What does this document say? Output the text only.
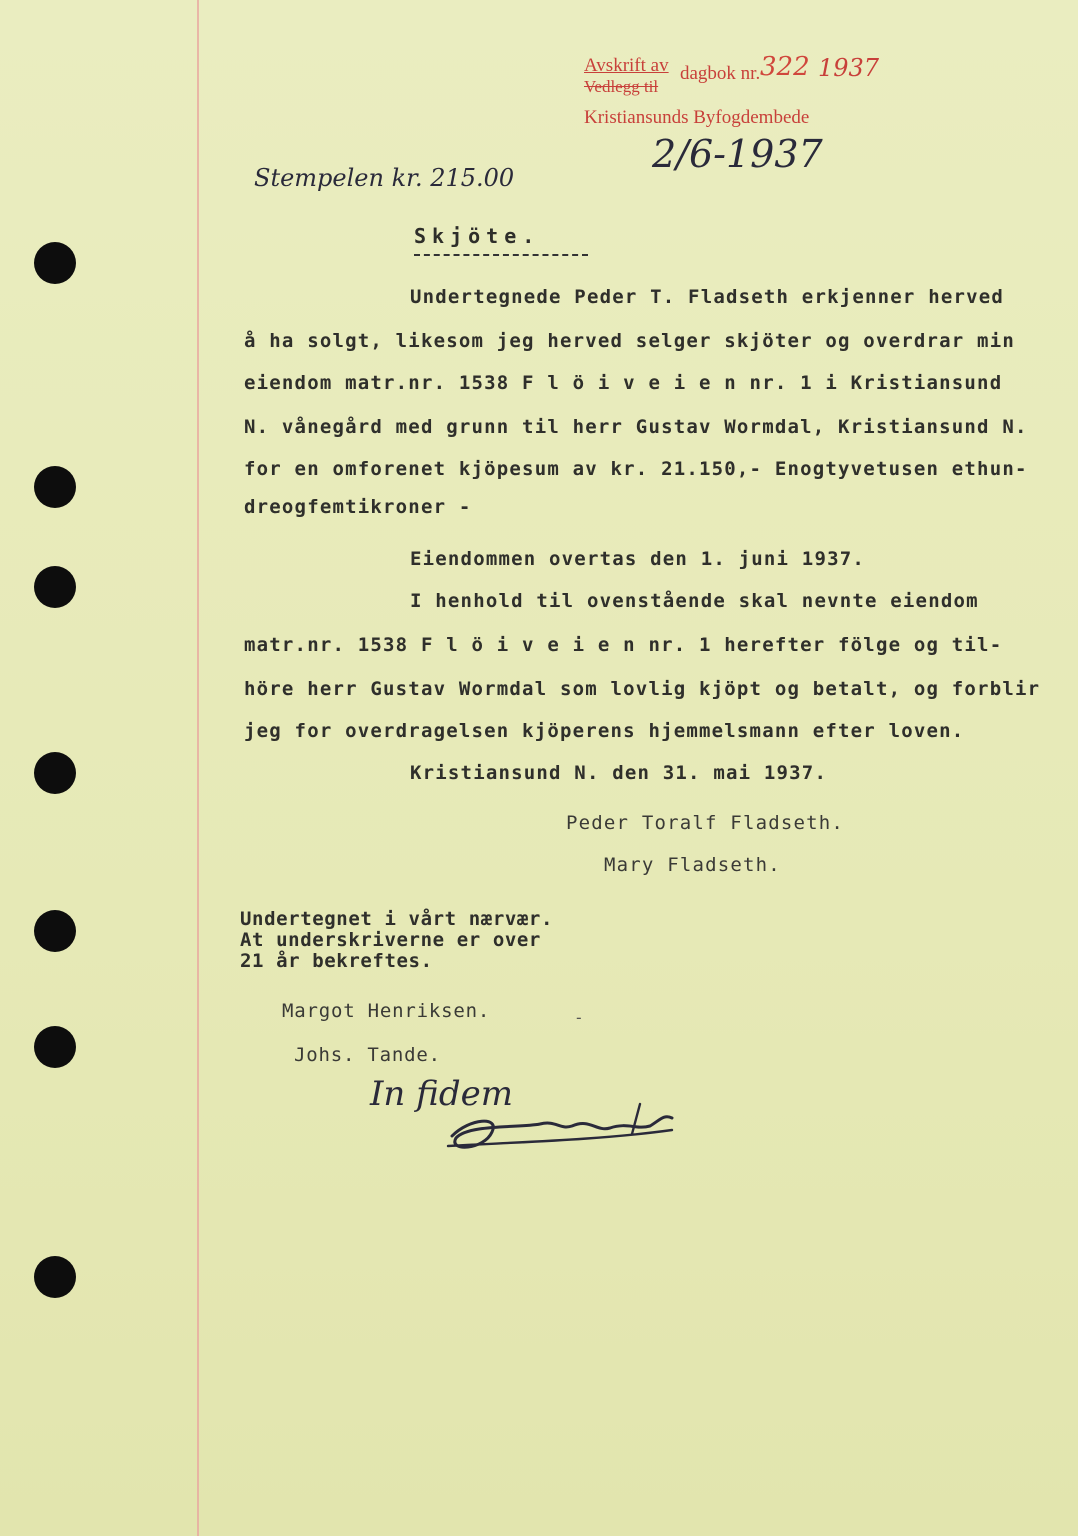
Avskrift av
Vedlegg til
dagbok nr. 322 1937
Kristiansunds Byfogdembede
2/6-1937
Stempelen kr. 215.00
Skjöte.
Undertegnede Peder T. Fladseth erkjenner herved
å ha solgt, likesom jeg herved selger skjöter og overdrar min
eiendom matr.nr. 1538 F l ö i v e i e n nr. 1 i Kristiansund
N. vånegård med grunn til herr Gustav Wormdal, Kristiansund N.
for en omforenet kjöpesum av kr. 21.150,- Enogtyvetusen ethun-
dreogfemtikroner -
Eiendommen overtas den 1. juni 1937.
I henhold til ovenstående skal nevnte eiendom
matr.nr. 1538 F l ö i v e i e n nr. 1 herefter fölge og til-
höre herr Gustav Wormdal som lovlig kjöpt og betalt, og forblir
jeg for overdragelsen kjöperens hjemmelsmann efter loven.
Kristiansund N. den 31. mai 1937.
Peder Toralf Fladseth.
Mary Fladseth.
Undertegnet i vårt nærvær.
At underskriverne er over
21 år bekreftes.
Margot Henriksen.	-
Johs. Tande.
In fidem
